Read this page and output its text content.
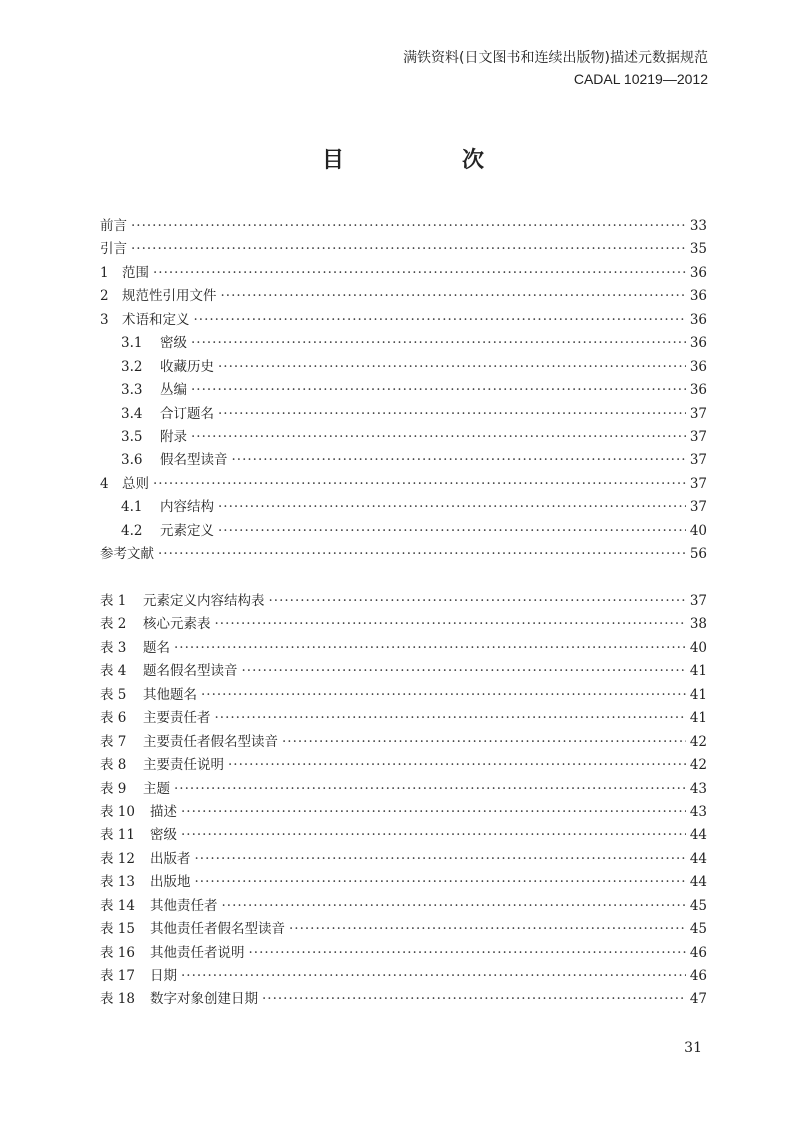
满铁资料(日文图书和连续出版物)描述元数据规范
CADAL 10219—2012
目　次
前言 ·····	33
引言 ·····	35
1 范围 ·····	36
2 规范性引用文件 ·····	36
3 术语和定义 ·····	36
3.1	密级 ·····	36
3.2	收藏历史 ·····	36
3.3	丛编 ·····	36
3.4	合订题名 ·····	37
3.5	附录 ·····	37
3.6	假名型读音 ·····	37
4 总则 ·····	37
4.1	内容结构 ·····	37
4.2	元素定义 ·····	40
参考文献 ·····	56
表 1	元素定义内容结构表 ·····	37
表 2	核心元素表 ·····	38
表 3	题名 ·····	40
表 4	题名假名型读音 ·····	41
表 5	其他题名 ·····	41
表 6	主要责任者 ·····	41
表 7	主要责任者假名型读音 ·····	42
表 8	主要责任说明 ·····	42
表 9	主题 ·····	43
表 10	描述 ·····	43
表 11	密级 ·····	44
表 12	出版者 ·····	44
表 13	出版地 ·····	44
表 14	其他责任者 ·····	45
表 15	其他责任者假名型读音 ·····	45
表 16	其他责任者说明 ·····	46
表 17	日期 ·····	46
表 18	数字对象创建日期 ·····	47
31
